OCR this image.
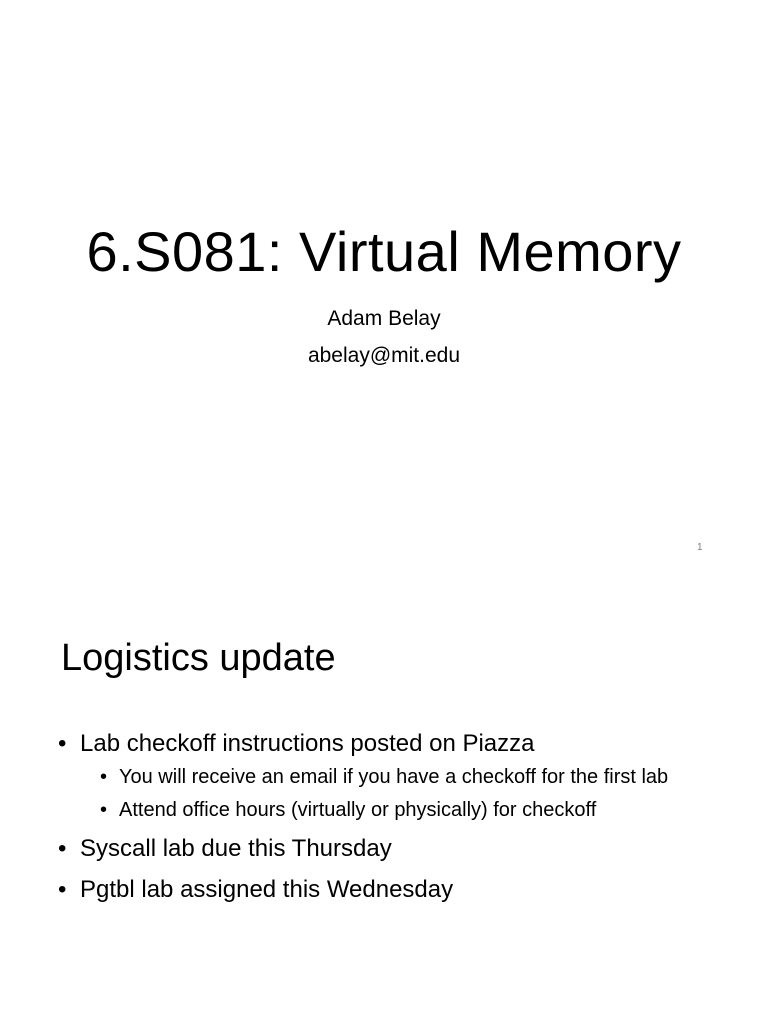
6.S081: Virtual Memory
Adam Belay
abelay@mit.edu
1
Logistics update
• Lab checkoff instructions posted on Piazza
• You will receive an email if you have a checkoff for the first lab
• Attend office hours (virtually or physically) for checkoff
• Syscall lab due this Thursday
• Pgtbl lab assigned this Wednesday
